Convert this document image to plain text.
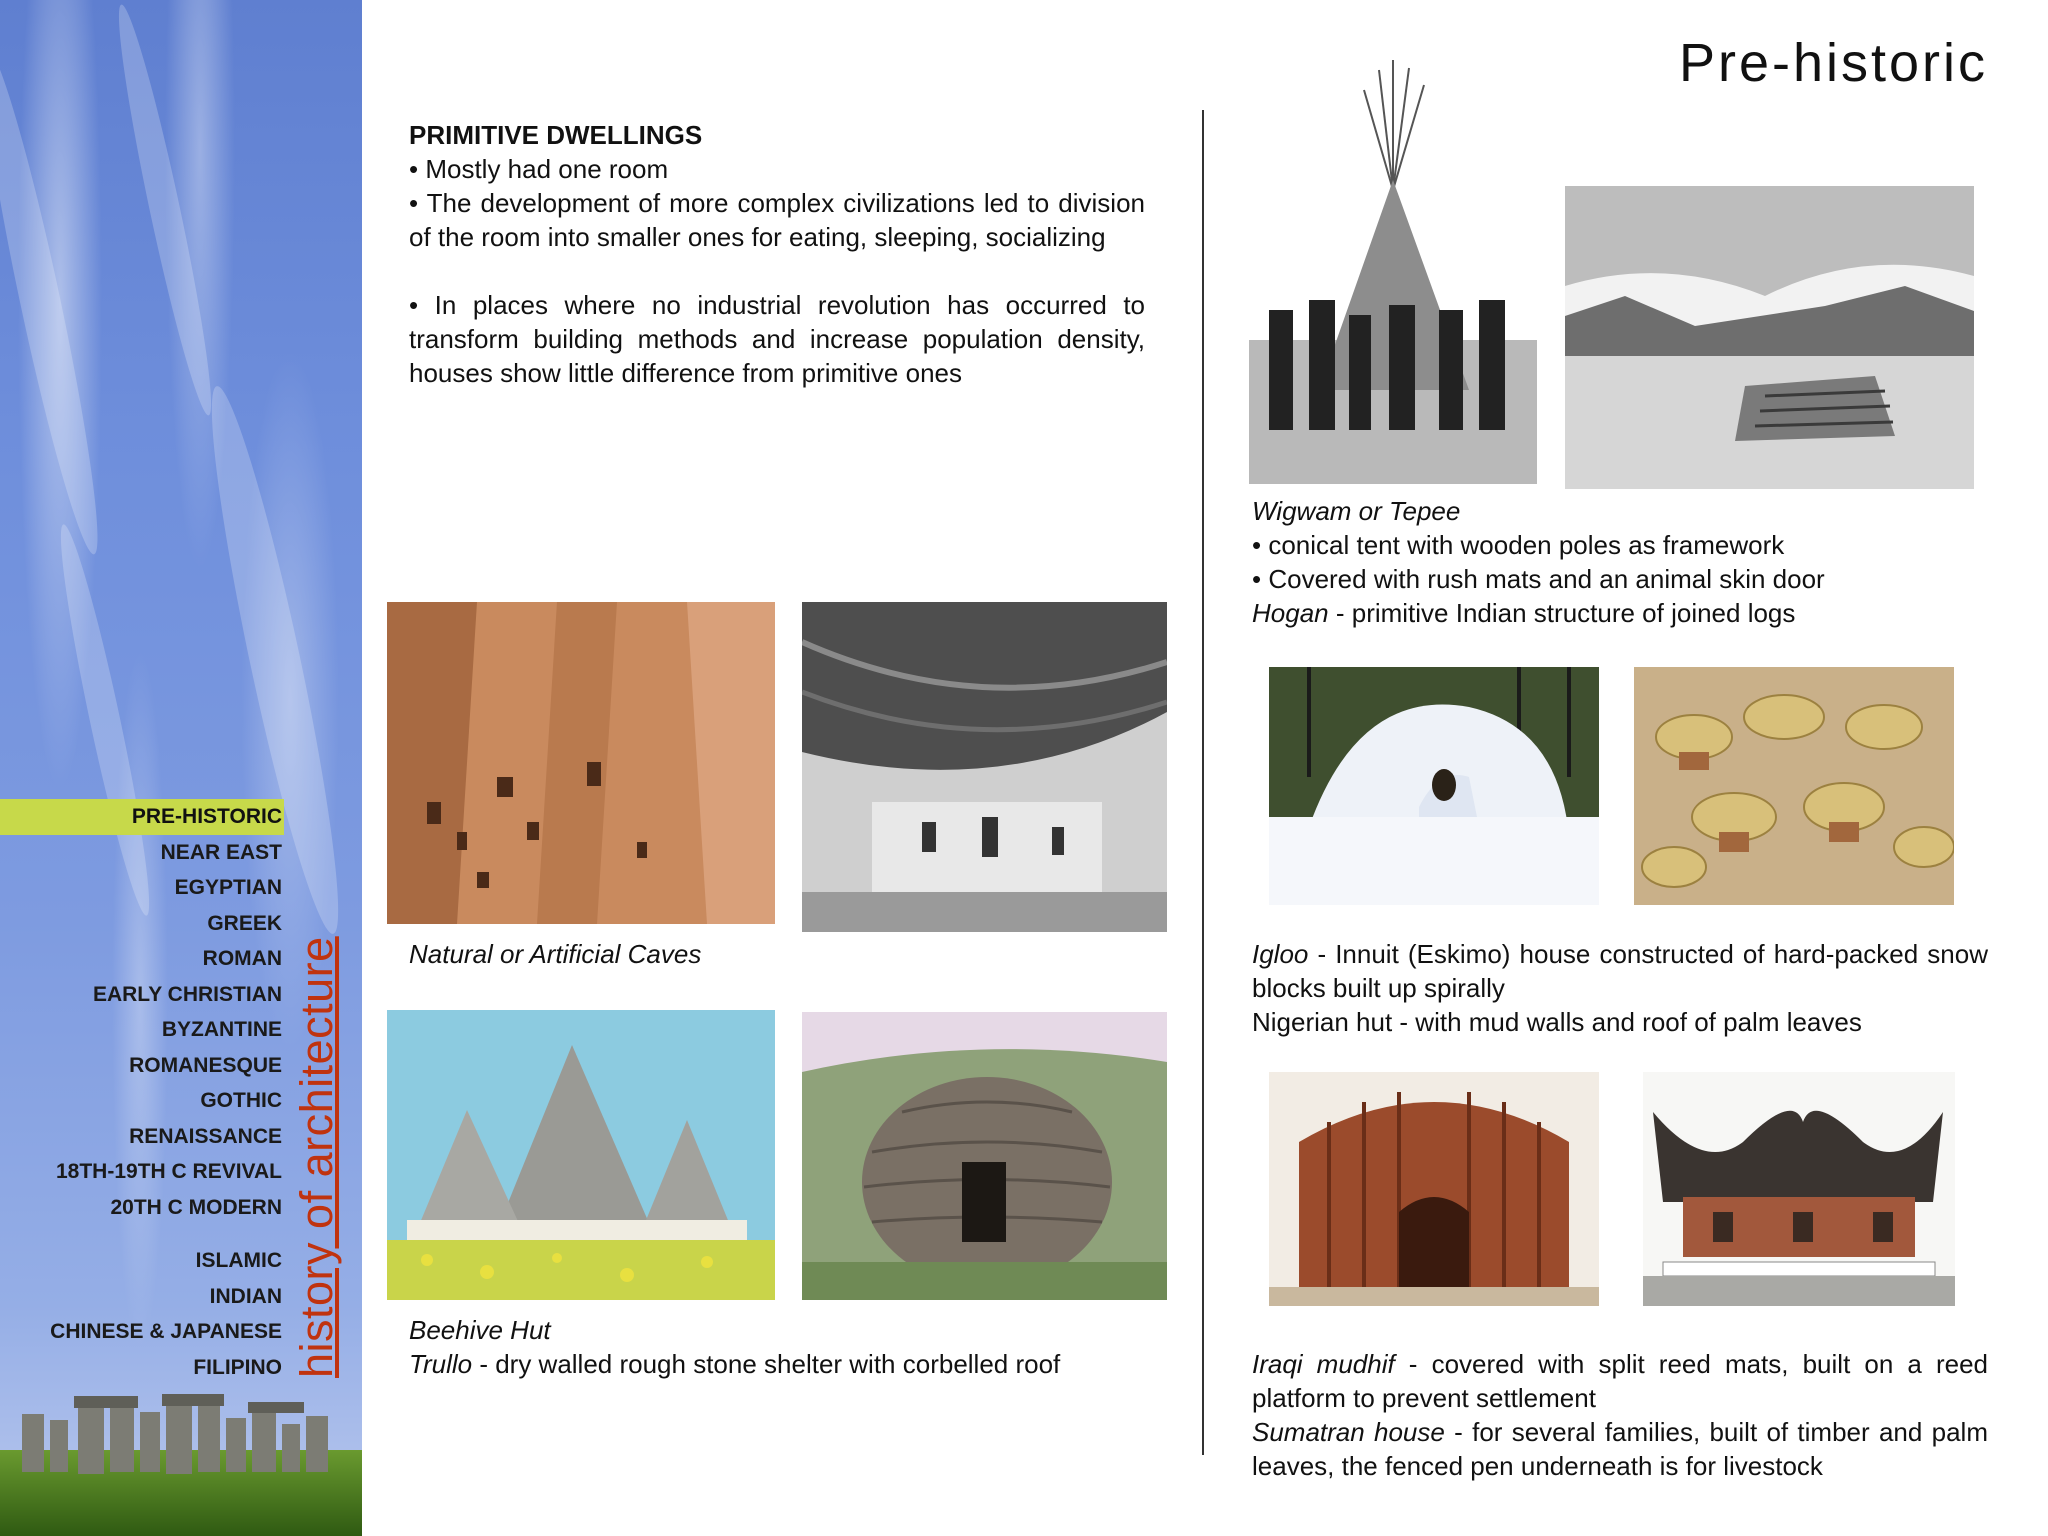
PRE-HISTORIC
NEAR EAST
EGYPTIAN
GREEK
ROMAN
EARLY CHRISTIAN
BYZANTINE
ROMANESQUE
GOTHIC
RENAISSANCE
18TH-19TH C REVIVAL
20TH C MODERN
ISLAMIC
INDIAN
CHINESE & JAPANESE
FILIPINO history of architecture
Pre-historic
PRIMITIVE DWELLINGS

• Mostly had one room

• The development of more complex civilizations led to division of the room into smaller ones for eating, sleeping, socializing

• In places where no industrial revolution has occurred to transform building methods and increase population density, houses show little difference from primitive ones

Natural or Artificial Caves

Beehive Hut

Trullo - dry walled rough stone shelter with corbelled roof

Wigwam or Tepee

• conical tent with wooden poles as framework

• Covered with rush mats and an animal skin door

Hogan - primitive Indian structure of joined logs

Igloo - Innuit (Eskimo) house constructed of hard-packed snow blocks built up spirally

Nigerian hut - with mud walls and roof of palm leaves

Iraqi mudhif - covered with split reed mats, built on a reed platform to prevent settlement

Sumatran house - for several families, built of timber and palm leaves, the fenced pen underneath is for livestock
